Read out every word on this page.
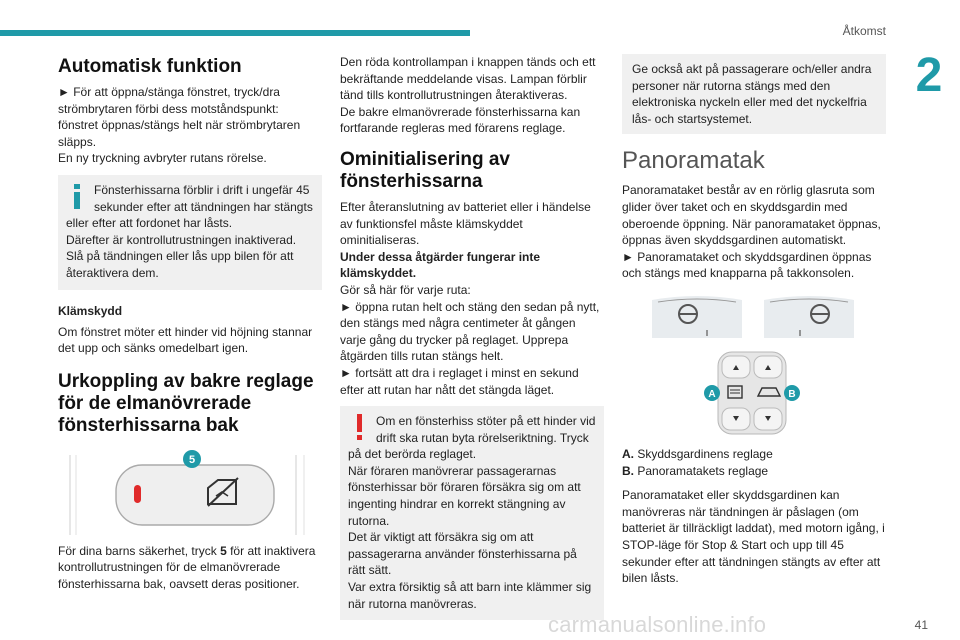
Åtkomst
2
Automatisk funktion

► För att öppna/stänga fönstret, tryck/dra strömbrytaren förbi dess motståndspunkt: fönstret öppnas/stängs helt när strömbrytaren släpps.
En ny tryckning avbryter rutans rörelse.

Fönsterhissarna förblir i drift i ungefär 45 sekunder efter att tändningen har stängts eller efter att fordonet har låsts.
Därefter är kontrollutrustningen inaktiverad. Slå på tändningen eller lås upp bilen för att återaktivera dem.
Klämskydd

Om fönstret möter ett hinder vid höjning stannar det upp och sänks omedelbart igen.

Urkoppling av bakre reglage för de elmanövrerade fönsterhissarna bak
5

För dina barns säkerhet, tryck 5 för att inaktivera kontrollutrustningen för de elmanövrerade fönsterhissarna bak, oavsett deras positioner.

Den röda kontrollampan i knappen tänds och ett bekräftande meddelande visas. Lampan förblir tänd tills kontrollutrustningen återaktiveras.
De bakre elmanövrerade fönsterhissarna kan fortfarande regleras med förarens reglage.

Ominitialisering av fönsterhissarna

Efter återanslutning av batteriet eller i händelse av funktionsfel måste klämskyddet ominitialiseras.

Under dessa åtgärder fungerar inte klämskyddet.

Gör så här för varje ruta:
► öppna rutan helt och stäng den sedan på nytt, den stängs med några centimeter åt gången varje gång du trycker på reglaget. Upprepa åtgärden tills rutan stängs helt.
► fortsätt att dra i reglaget i minst en sekund efter att rutan har nått det stängda läget.

Om en fönsterhiss stöter på ett hinder vid drift ska rutan byta rörelseriktning. Tryck på det berörda reglaget.
När föraren manövrerar passagerarnas fönsterhissar bör föraren försäkra sig om att ingenting hindrar en korrekt stängning av rutorna.
Det är viktigt att försäkra sig om att passagerarna använder fönsterhissarna på rätt sätt.
Var extra försiktig så att barn inte klämmer sig när rutorna manövreras.
Ge också akt på passagerare och/eller andra personer när rutorna stängs med den elektroniska nyckeln eller med det nyckelfria lås- och startsystemet.
Panoramatak

Panoramataket består av en rörlig glasruta som glider över taket och en skyddsgardin med oberoende öppning. När panoramataket öppnas, öppnas även skyddsgardinen automatiskt.
► Panoramataket och skyddsgardinen öppnas och stängs med knapparna på takkonsolen.

A	B

A. Skyddsgardinens reglage

B. Panoramatakets reglage

Panoramataket eller skyddsgardinen kan manövreras när tändningen är påslagen (om batteriet är tillräckligt laddat), med motorn igång, i STOP-läge för Stop & Start och upp till 45 sekunder efter att tändningen stängts av efter att bilen låsts.

carmanualsonline.info	41
